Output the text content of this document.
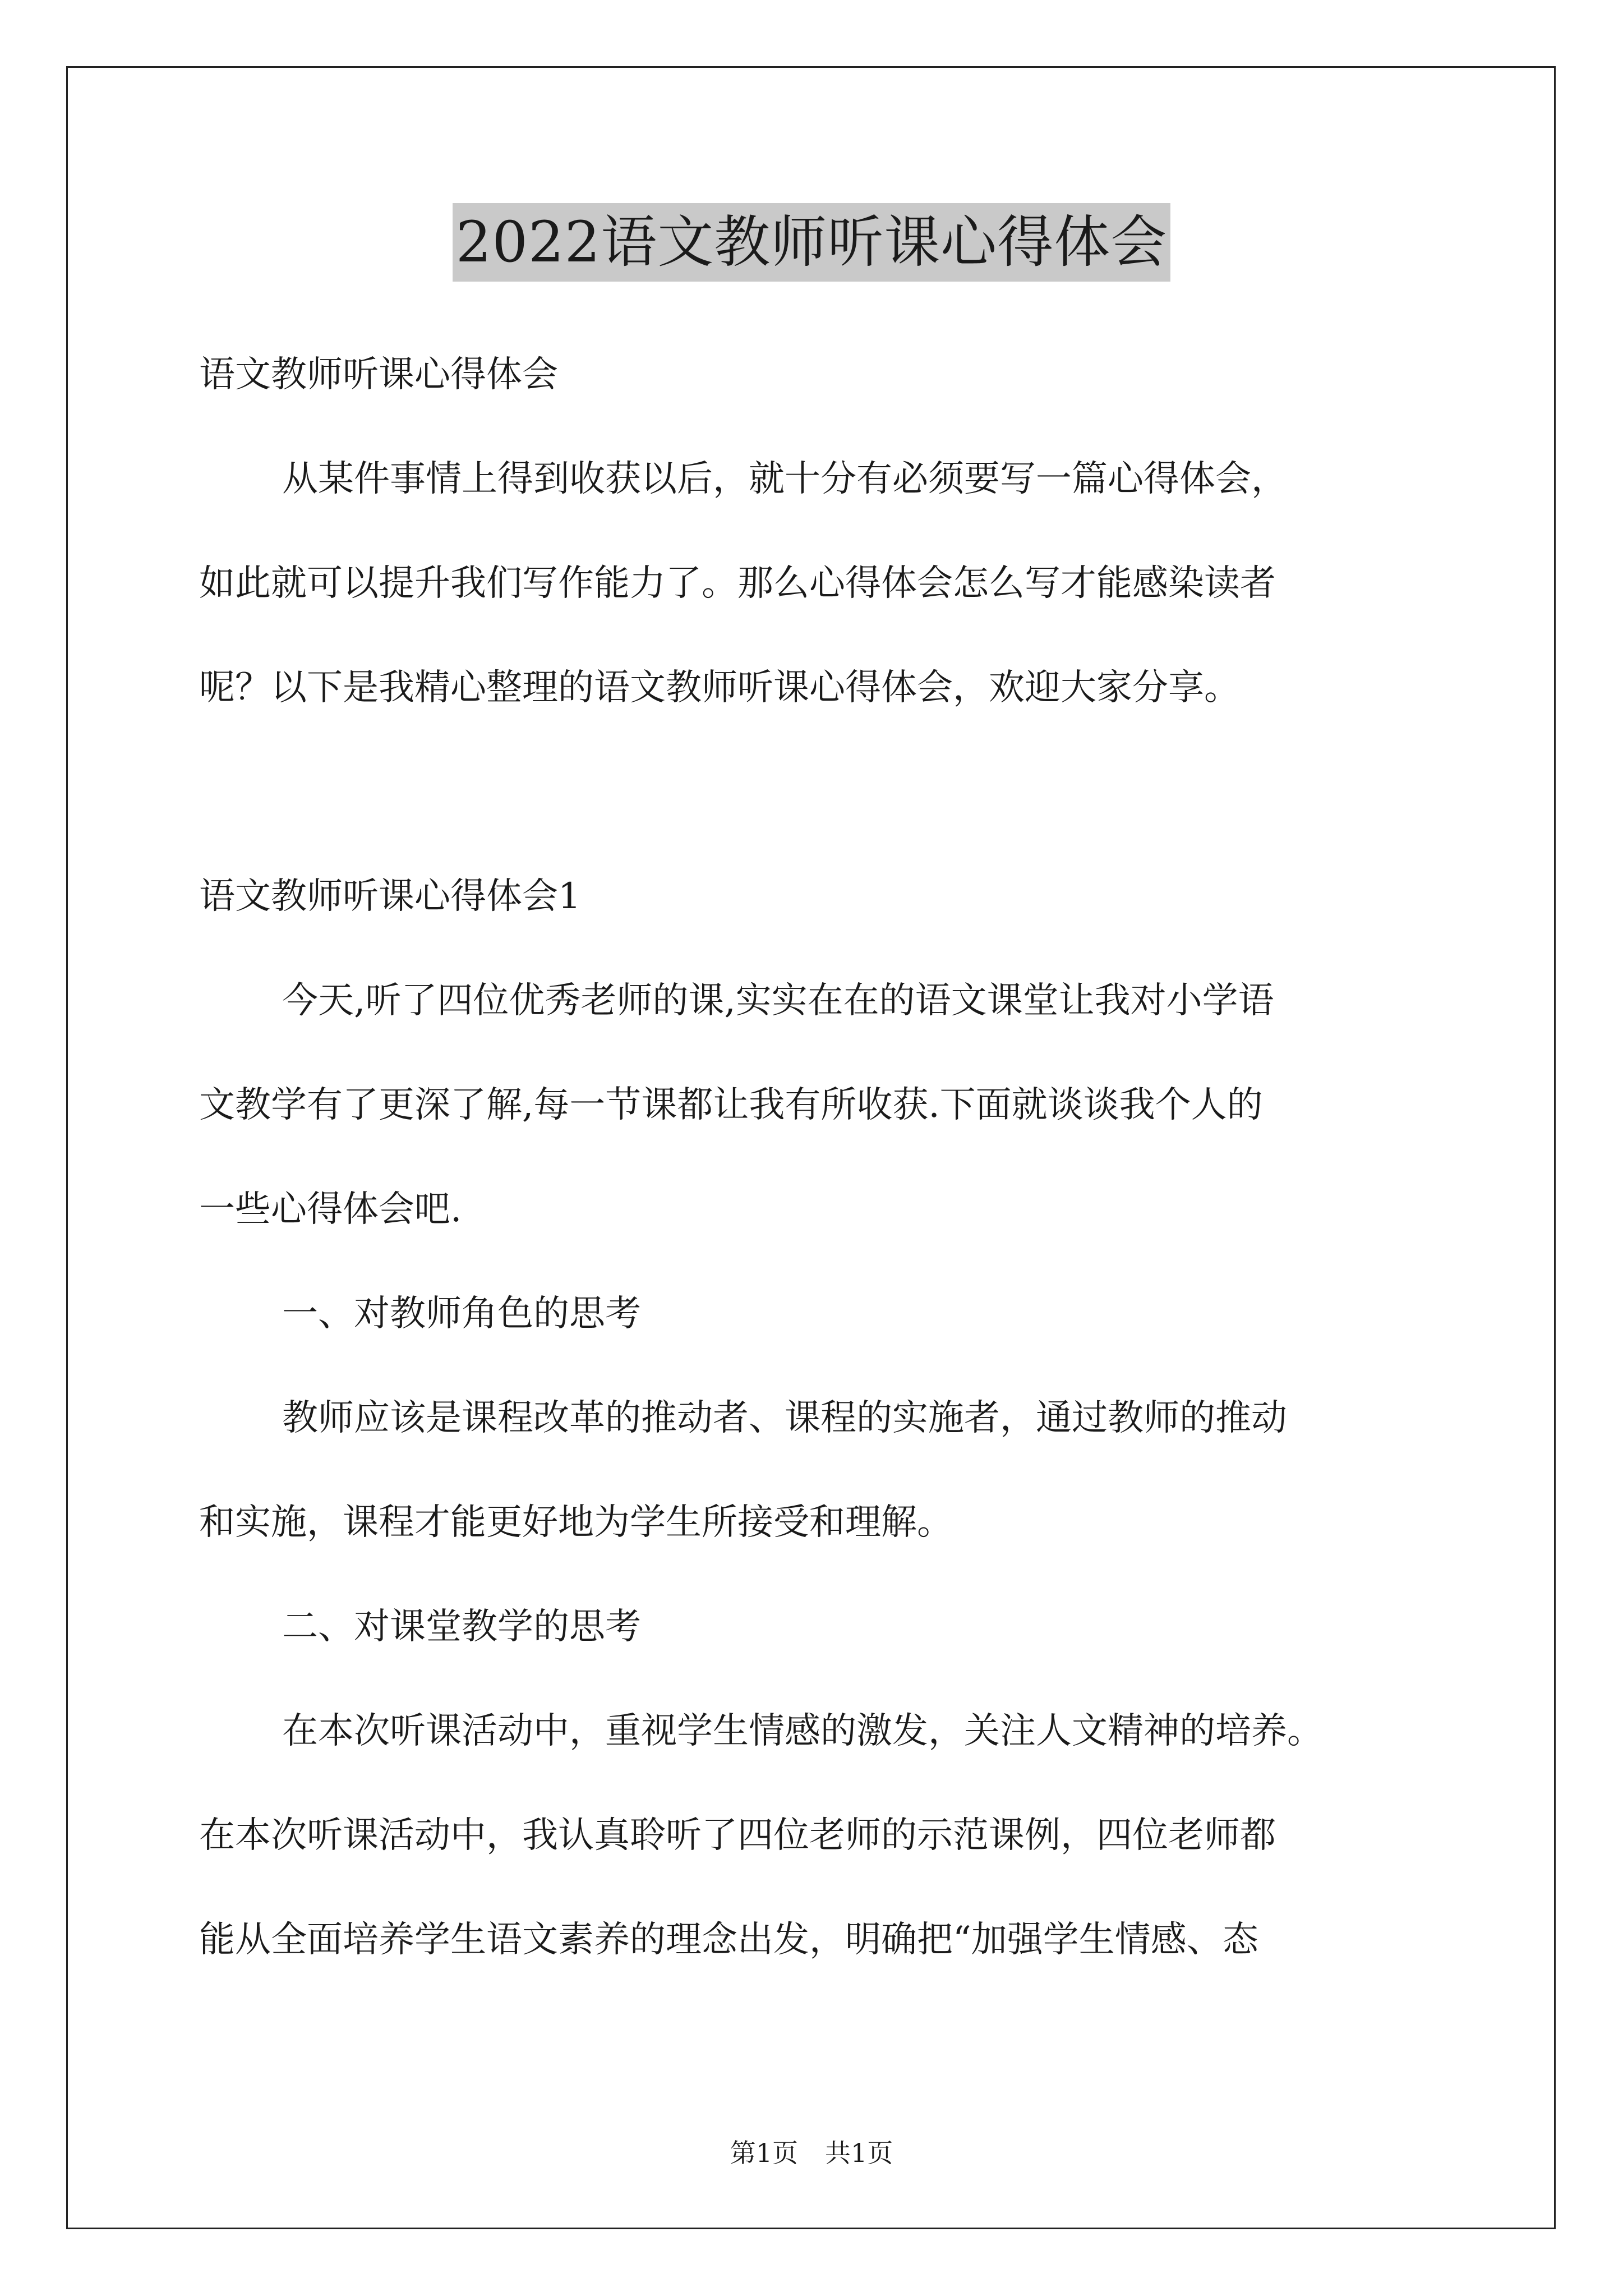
2022语文教师听课心得体会
语文教师听课心得体会
从某件事情上得到收获以后，就十分有必须要写一篇心得体会，
如此就可以提升我们写作能力了。那么心得体会怎么写才能感染读者
呢？以下是我精心整理的语文教师听课心得体会，欢迎大家分享。
语文教师听课心得体会1
今天,听了四位优秀老师的课,实实在在的语文课堂让我对小学语
文教学有了更深了解,每一节课都让我有所收获.下面就谈谈我个人的
一些心得体会吧.
一、对教师角色的思考
教师应该是课程改革的推动者、课程的实施者，通过教师的推动
和实施，课程才能更好地为学生所接受和理解。
二、对课堂教学的思考
在本次听课活动中，重视学生情感的激发，关注人文精神的培养。
在本次听课活动中，我认真聆听了四位老师的示范课例，四位老师都
能从全面培养学生语文素养的理念出发，明确把“加强学生情感、态
第1页 共1页
